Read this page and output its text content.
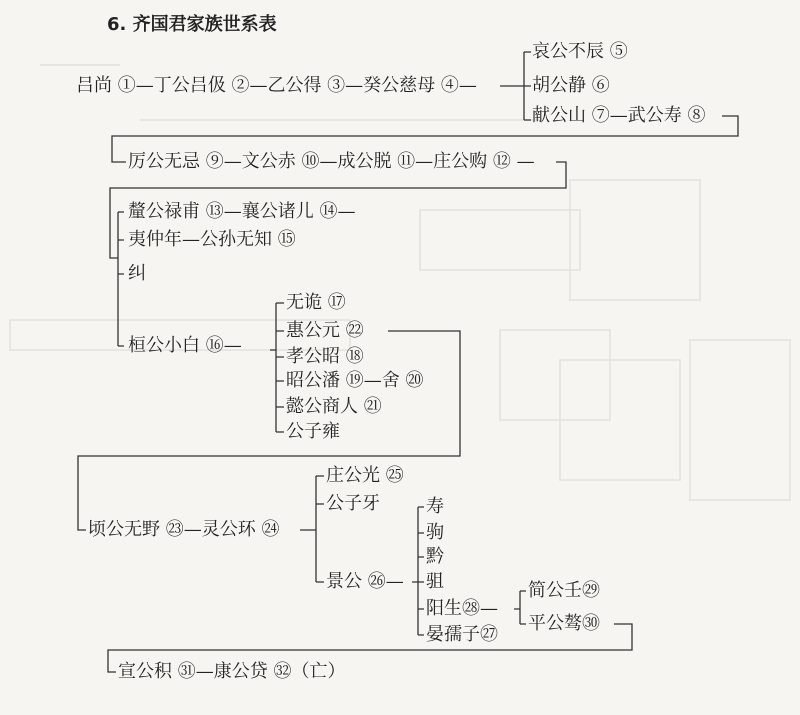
6. 齐国君家族世系表
吕尚 ①—丁公吕伋 ②—乙公得 ③—癸公慈母 ④—
哀公不辰 ⑤
胡公静 ⑥
献公山 ⑦—武公寿 ⑧
厉公无忌 ⑨—文公赤 ⑩—成公脱 ⑪—庄公购 ⑫ —
釐公禄甫 ⑬—襄公诸儿 ⑭—
夷仲年—公孙无知 ⑮
纠
桓公小白 ⑯—
无诡 ⑰
惠公元 ㉒
孝公昭 ⑱
昭公潘 ⑲—舍 ⑳
懿公商人 ㉑
公子雍
顷公无野 ㉓—灵公环 ㉔
庄公光 ㉕
公子牙
景公 ㉖—
寿
驹
黔
驵
阳生㉘—
晏孺子㉗
简公壬㉙
平公骜㉚
宣公积 ㉛—康公贷 ㉜（亡）
